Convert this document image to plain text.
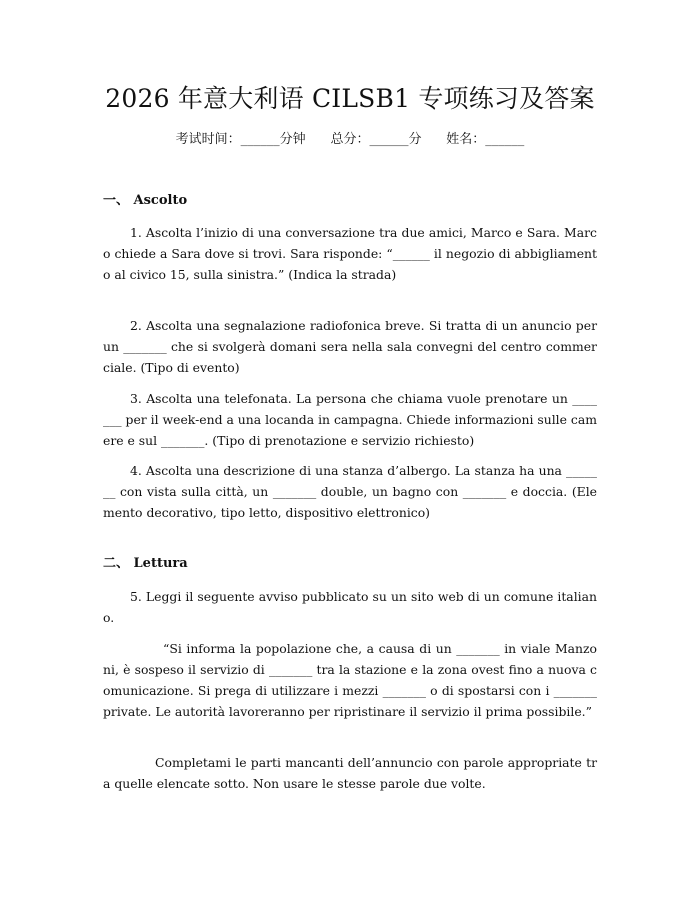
2026 年意大利语 CILSB1 专项练习及答案
考试时间：______分钟 总分：______分 姓名：______
一、 Ascolto
1. Ascolta l’inizio di una conversazione tra due amici, Marco e Sara. Marco chiede a Sara dove si trovi. Sara risponde: “______ il negozio di abbigliamento al civico 15, sulla sinistra.” (Indica la strada)
2. Ascolta una segnalazione radiofonica breve. Si tratta di un anuncio per un _______ che si svolgerà domani sera nella sala convegni del centro commerciale. (Tipo di evento)
3. Ascolta una telefonata. La persona che chiama vuole prenotare un _______ per il week-end a una locanda in campagna. Chiede informazioni sulle camere e sul _______. (Tipo di prenotazione e servizio richiesto)
4. Ascolta una descrizione di una stanza d’albergo. La stanza ha una _______ con vista sulla città, un _______ double, un bagno con _______ e doccia. (Elemento decorativo, tipo letto, dispositivo elettronico)
二、 Lettura
5. Leggi il seguente avviso pubblicato su un sito web di un comune italiano.
“Si informa la popolazione che, a causa di un _______ in viale Manzoni, è sospeso il servizio di _______ tra la stazione e la zona ovest fino a nuova comunicazione. Si prega di utilizzare i mezzi _______ o di spostarsi con i _______ private. Le autorità lavoreranno per ripristinare il servizio il prima possibile.”
Completami le parti mancanti dell’annuncio con parole appropriate tra quelle elencate sotto. Non usare le stesse parole due volte.
